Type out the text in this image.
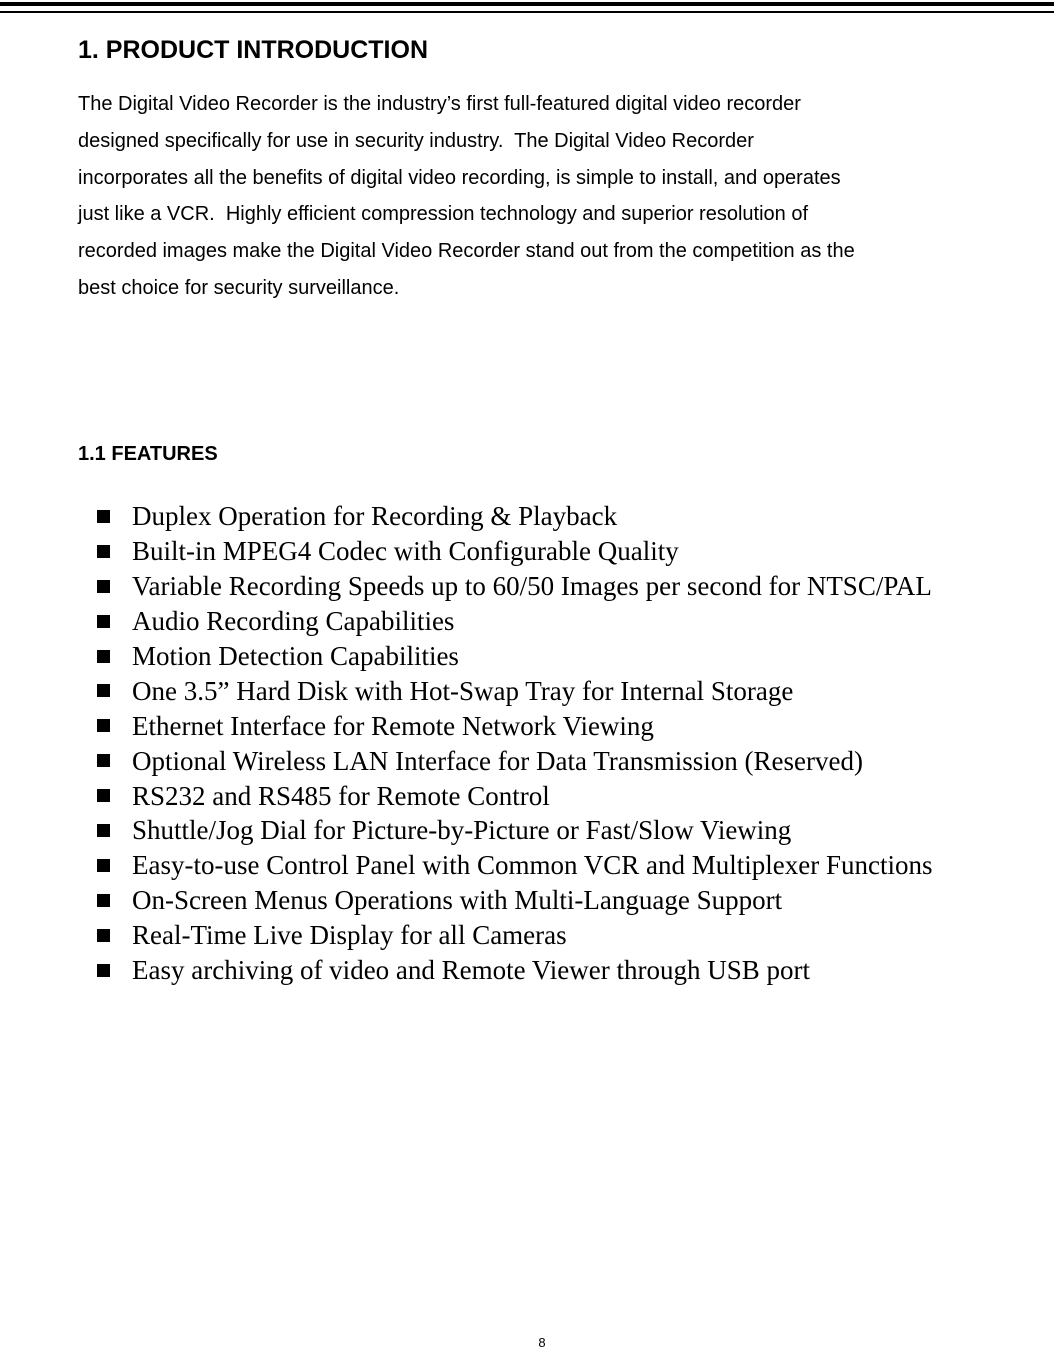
1. PRODUCT INTRODUCTION

The Digital Video Recorder is the industry’s first full-featured digital video recorder
designed specifically for use in security industry.  The Digital Video Recorder
incorporates all the benefits of digital video recording, is simple to install, and operates
just like a VCR.  Highly efficient compression technology and superior resolution of
recorded images make the Digital Video Recorder stand out from the competition as the
best choice for security surveillance.

1.1 FEATURES
Duplex Operation for Recording & Playback
Built-in MPEG4 Codec with Configurable Quality
Variable Recording Speeds up to 60/50 Images per second for NTSC/PAL
Audio Recording Capabilities
Motion Detection Capabilities
One 3.5” Hard Disk with Hot-Swap Tray for Internal Storage
Ethernet Interface for Remote Network Viewing
Optional Wireless LAN Interface for Data Transmission (Reserved)
RS232 and RS485 for Remote Control
Shuttle/Jog Dial for Picture-by-Picture or Fast/Slow Viewing
Easy-to-use Control Panel with Common VCR and Multiplexer Functions
On-Screen Menus Operations with Multi-Language Support
Real-Time Live Display for all Cameras
Easy archiving of video and Remote Viewer through USB port
8
